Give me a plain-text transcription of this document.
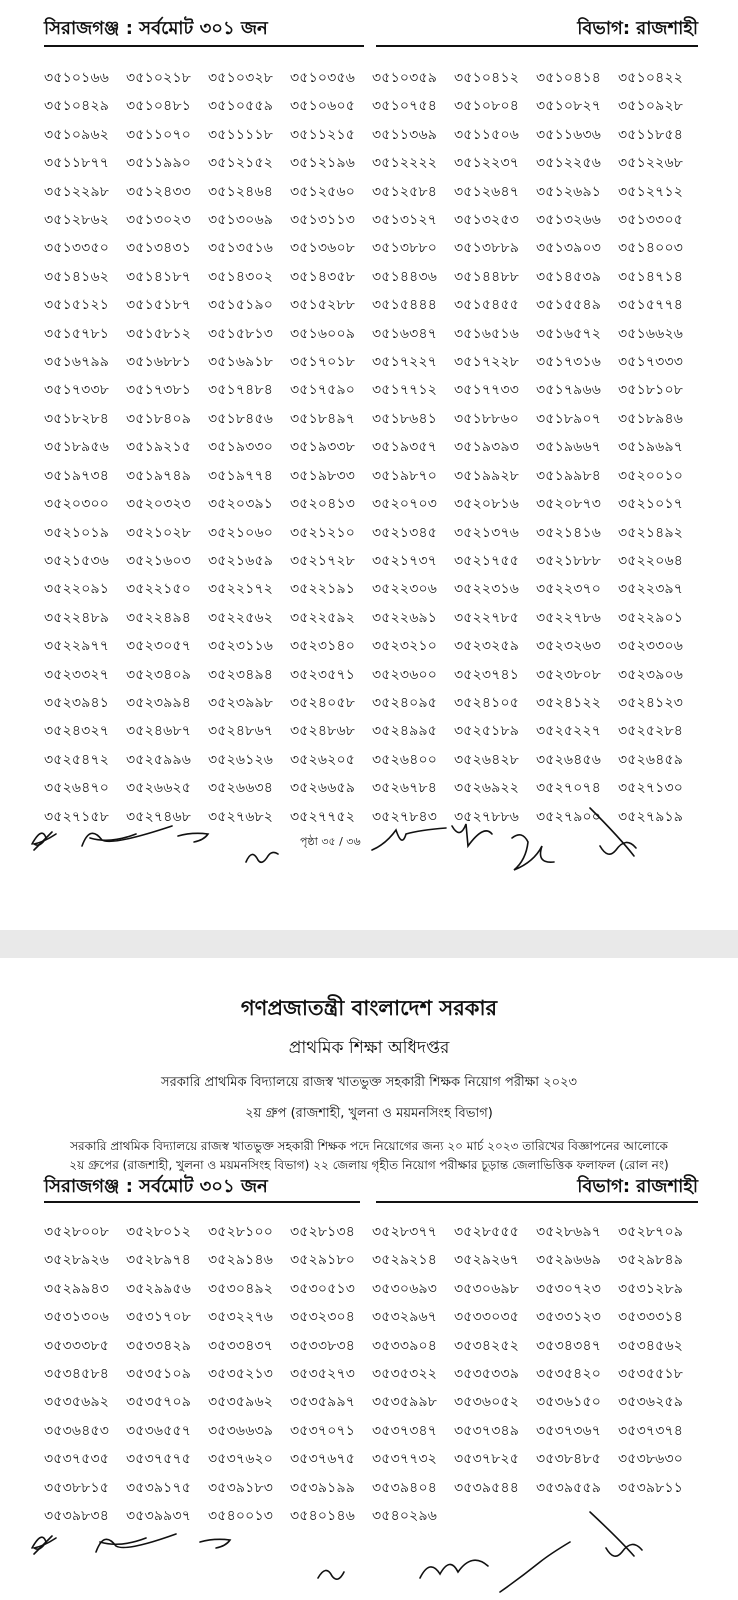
সিরাজগঞ্জ : সর্বমোট ৩০১ জন	বিভাগ: রাজশাহী
৩৫১০১৬৬	৩৫১০২১৮	৩৫১০৩২৮	৩৫১০৩৫৬	৩৫১০৩৫৯	৩৫১০৪১২	৩৫১০৪১৪	৩৫১০৪২২
৩৫১০৪২৯	৩৫১০৪৮১	৩৫১০৫৫৯	৩৫১০৬০৫	৩৫১০৭৫৪	৩৫১০৮০৪	৩৫১০৮২৭	৩৫১০৯২৮
৩৫১০৯৬২	৩৫১১০৭০	৩৫১১১১৮	৩৫১১২১৫	৩৫১১৩৬৯	৩৫১১৫০৬	৩৫১১৬৩৬	৩৫১১৮৫৪
৩৫১১৮৭৭	৩৫১১৯৯০	৩৫১২১৫২	৩৫১২১৯৬	৩৫১২২২২	৩৫১২২৩৭	৩৫১২২৫৬	৩৫১২২৬৮
৩৫১২২৯৮	৩৫১২৪৩৩	৩৫১২৪৬৪	৩৫১২৫৬০	৩৫১২৫৮৪	৩৫১২৬৪৭	৩৫১২৬৯১	৩৫১২৭১২
৩৫১২৮৬২	৩৫১৩০২৩	৩৫১৩০৬৯	৩৫১৩১১৩	৩৫১৩১২৭	৩৫১৩২৫৩	৩৫১৩২৬৬	৩৫১৩৩০৫
৩৫১৩৩৫০	৩৫১৩৪৩১	৩৫১৩৫১৬	৩৫১৩৬০৮	৩৫১৩৮৮০	৩৫১৩৮৮৯	৩৫১৩৯০৩	৩৫১৪০০৩
৩৫১৪১৬২	৩৫১৪১৮৭	৩৫১৪৩০২	৩৫১৪৩৫৮	৩৫১৪৪৩৬	৩৫১৪৪৮৮	৩৫১৪৫৩৯	৩৫১৪৭১৪
৩৫১৫১২১	৩৫১৫১৮৭	৩৫১৫১৯০	৩৫১৫২৮৮	৩৫১৫৪৪৪	৩৫১৫৪৫৫	৩৫১৫৫৪৯	৩৫১৫৭৭৪
৩৫১৫৭৮১	৩৫১৫৮১২	৩৫১৫৮১৩	৩৫১৬০০৯	৩৫১৬৩৪৭	৩৫১৬৫১৬	৩৫১৬৫৭২	৩৫১৬৬২৬
৩৫১৬৭৯৯	৩৫১৬৮৮১	৩৫১৬৯১৮	৩৫১৭০১৮	৩৫১৭২২৭	৩৫১৭২২৮	৩৫১৭৩১৬	৩৫১৭৩৩৩
৩৫১৭৩৩৮	৩৫১৭৩৮১	৩৫১৭৪৮৪	৩৫১৭৫৯০	৩৫১৭৭১২	৩৫১৭৭৩৩	৩৫১৭৯৬৬	৩৫১৮১০৮
৩৫১৮২৮৪	৩৫১৮৪০৯	৩৫১৮৪৫৬	৩৫১৮৪৯৭	৩৫১৮৬৪১	৩৫১৮৮৬০	৩৫১৮৯০৭	৩৫১৮৯৪৬
৩৫১৮৯৫৬	৩৫১৯২১৫	৩৫১৯৩৩০	৩৫১৯৩৩৮	৩৫১৯৩৫৭	৩৫১৯৩৯৩	৩৫১৯৬৬৭	৩৫১৯৬৯৭
৩৫১৯৭৩৪	৩৫১৯৭৪৯	৩৫১৯৭৭৪	৩৫১৯৮৩৩	৩৫১৯৮৭০	৩৫১৯৯২৮	৩৫১৯৯৮৪	৩৫২০০১০
৩৫২০৩০০	৩৫২০৩২৩	৩৫২০৩৯১	৩৫২০৪১৩	৩৫২০৭০৩	৩৫২০৮১৬	৩৫২০৮৭৩	৩৫২১০১৭
৩৫২১০১৯	৩৫২১০২৮	৩৫২১০৬০	৩৫২১২১০	৩৫২১৩৪৫	৩৫২১৩৭৬	৩৫২১৪১৬	৩৫২১৪৯২
৩৫২১৫৩৬	৩৫২১৬০৩	৩৫২১৬৫৯	৩৫২১৭২৮	৩৫২১৭৩৭	৩৫২১৭৫৫	৩৫২১৮৮৮	৩৫২২০৬৪
৩৫২২০৯১	৩৫২২১৫০	৩৫২২১৭২	৩৫২২১৯১	৩৫২২৩০৬	৩৫২২৩১৬	৩৫২২৩৭০	৩৫২২৩৯৭
৩৫২২৪৮৯	৩৫২২৪৯৪	৩৫২২৫৬২	৩৫২২৫৯২	৩৫২২৬৯১	৩৫২২৭৮৫	৩৫২২৭৮৬	৩৫২২৯০১
৩৫২২৯৭৭	৩৫২৩০৫৭	৩৫২৩১১৬	৩৫২৩১৪০	৩৫২৩২১০	৩৫২৩২৫৯	৩৫২৩২৬৩	৩৫২৩৩০৬
৩৫২৩৩২৭	৩৫২৩৪০৯	৩৫২৩৪৯৪	৩৫২৩৫৭১	৩৫২৩৬০০	৩৫২৩৭৪১	৩৫২৩৮০৮	৩৫২৩৯০৬
৩৫২৩৯৪১	৩৫২৩৯৯৪	৩৫২৩৯৯৮	৩৫২৪০৫৮	৩৫২৪০৯৫	৩৫২৪১০৫	৩৫২৪১২২	৩৫২৪১২৩
৩৫২৪৩২৭	৩৫২৪৬৮৭	৩৫২৪৮৬৭	৩৫২৪৮৬৮	৩৫২৪৯৯৫	৩৫২৫১৮৯	৩৫২৫২২৭	৩৫২৫২৮৪
৩৫২৫৪৭২	৩৫২৫৯৯৬	৩৫২৬১২৬	৩৫২৬২০৫	৩৫২৬৪০০	৩৫২৬৪২৮	৩৫২৬৪৫৬	৩৫২৬৪৫৯
৩৫২৬৪৭০	৩৫২৬৬২৫	৩৫২৬৬৩৪	৩৫২৬৬৫৯	৩৫২৬৭৮৪	৩৫২৬৯২২	৩৫২৭০৭৪	৩৫২৭১৩০
৩৫২৭১৫৮	৩৫২৭৪৬৮	৩৫২৭৬৮২	৩৫২৭৭৫২	৩৫২৭৮৪৩	৩৫২৭৮৮৬	৩৫২৭৯০০	৩৫২৭৯১৯
পৃষ্ঠা ৩৫ / ৩৬
গণপ্রজাতন্ত্রী বাংলাদেশ সরকার
প্রাথমিক শিক্ষা অধিদপ্তর
সরকারি প্রাথমিক বিদ্যালয়ে রাজস্ব খাতভুক্ত সহকারী শিক্ষক নিয়োগ পরীক্ষা ২০২৩
২য় গ্রুপ (রাজশাহী, খুলনা ও ময়মনসিংহ বিভাগ)
সরকারি প্রাথমিক বিদ্যালয়ে রাজস্ব খাতভুক্ত সহকারী শিক্ষক পদে নিয়োগের জন্য ২০ মার্চ ২০২৩ তারিখের বিজ্ঞাপনের আলোকে
২য় গ্রুপের (রাজশাহী, খুলনা ও ময়মনসিংহ বিভাগ) ২২ জেলায় গৃহীত নিয়োগ পরীক্ষার চূড়ান্ত জেলাভিত্তিক ফলাফল (রোল নং)
সিরাজগঞ্জ : সর্বমোট ৩০১ জন	বিভাগ: রাজশাহী
৩৫২৮০০৮	৩৫২৮০১২	৩৫২৮১০০	৩৫২৮১৩৪	৩৫২৮৩৭৭	৩৫২৮৫৫৫	৩৫২৮৬৯৭	৩৫২৮৭০৯
৩৫২৮৯২৬	৩৫২৮৯৭৪	৩৫২৯১৪৬	৩৫২৯১৮০	৩৫২৯২১৪	৩৫২৯২৬৭	৩৫২৯৬৬৯	৩৫২৯৮৪৯
৩৫২৯৯৪৩	৩৫২৯৯৫৬	৩৫৩০৪৯২	৩৫৩০৫১৩	৩৫৩০৬৯৩	৩৫৩০৬৯৮	৩৫৩০৭২৩	৩৫৩১২৮৯
৩৫৩১৩০৬	৩৫৩১৭০৮	৩৫৩২২৭৬	৩৫৩২৩০৪	৩৫৩২৯৬৭	৩৫৩৩০৩৫	৩৫৩৩১২৩	৩৫৩৩৩১৪
৩৫৩৩৩৮৫	৩৫৩৩৪২৯	৩৫৩৩৪৩৭	৩৫৩৩৮৩৪	৩৫৩৩৯০৪	৩৫৩৪২৫২	৩৫৩৪৩৪৭	৩৫৩৪৫৬২
৩৫৩৪৫৮৪	৩৫৩৫১০৯	৩৫৩৫২১৩	৩৫৩৫২৭৩	৩৫৩৫৩২২	৩৫৩৫৩৩৯	৩৫৩৫৪২০	৩৫৩৫৫১৮
৩৫৩৫৬৯২	৩৫৩৫৭০৯	৩৫৩৫৯৬২	৩৫৩৫৯৯৭	৩৫৩৫৯৯৮	৩৫৩৬০৫২	৩৫৩৬১৫০	৩৫৩৬২৫৯
৩৫৩৬৪৫৩	৩৫৩৬৫৫৭	৩৫৩৬৬৩৯	৩৫৩৭০৭১	৩৫৩৭৩৪৭	৩৫৩৭৩৪৯	৩৫৩৭৩৬৭	৩৫৩৭৩৭৪
৩৫৩৭৫৩৫	৩৫৩৭৫৭৫	৩৫৩৭৬২০	৩৫৩৭৬৭৫	৩৫৩৭৭৩২	৩৫৩৭৮২৫	৩৫৩৮৪৮৫	৩৫৩৮৬৩০
৩৫৩৮৮১৫	৩৫৩৯১৭৫	৩৫৩৯১৮৩	৩৫৩৯১৯৯	৩৫৩৯৪০৪	৩৫৩৯৫৪৪	৩৫৩৯৫৫৯	৩৫৩৯৮১১
৩৫৩৯৮৩৪	৩৫৩৯৯৩৭	৩৫৪০০১৩	৩৫৪০১৪৬	৩৫৪০২৯৬
